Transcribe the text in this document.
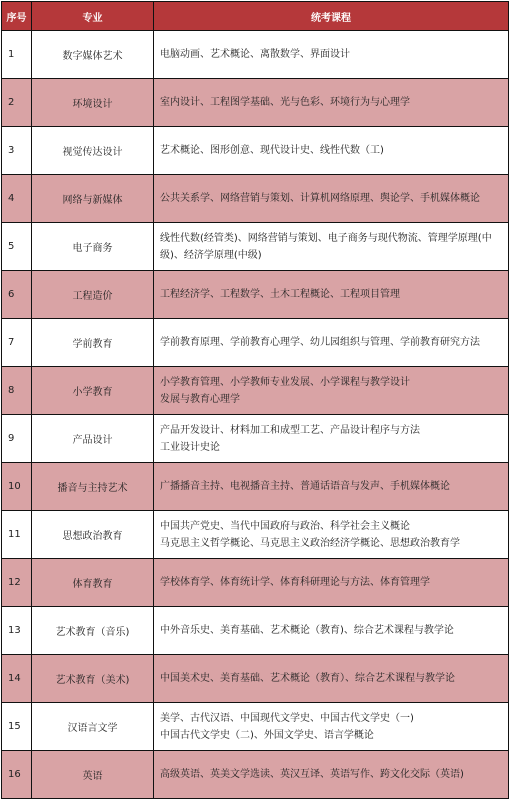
序号	专业	统考课程
1	数字媒体艺术	电脑动画、艺术概论、离散数学、界面设计

2	环境设计	室内设计、工程图学基础、光与色彩、环境行为与心理学

3	视觉传达设计	艺术概论、图形创意、现代设计史、线性代数（工)

4	网络与新媒体	公共关系学、网络营销与策划、计算机网络原理、舆论学、手机媒体概论

5	电子商务	线性代数(经管类)、网络营销与策划、电子商务与现代物流、管理学原理(中级)、经济学原理(中级)

6	工程造价	工程经济学、工程数学、土木工程概论、工程项目管理

7	学前教育	学前教育原理、学前教育心理学、幼儿园组织与管理、学前教育研究方法

8	小学教育	小学教育管理、小学教师专业发展、小学课程与教学设计
发展与教育心理学

9	产品设计	产品开发设计、材料加工和成型工艺、产品设计程序与方法
工业设计史论

10	播音与主持艺术	广播播音主持、电视播音主持、普通话语音与发声、手机媒体概论

11	思想政治教育	中国共产党史、当代中国政府与政治、科学社会主义概论
马克思主义哲学概论、马克思主义政治经济学概论、思想政治教育学

12	体育教育	学校体育学、体育统计学、体育科研理论与方法、体育管理学

13	艺术教育（音乐)	中外音乐史、美育基础、艺术概论（教育)、综合艺术课程与教学论

14	艺术教育（美术)	中国美术史、美育基础、艺术概论（教育）、综合艺术课程与教学论

15	汉语言文学	美学、古代汉语、中国现代文学史、中国古代文学史（一)
中国古代文学史（二)、外国文学史、语言学概论

16	英语	高级英语、英美文学选读、英汉互译、英语写作、跨文化交际（英语)
